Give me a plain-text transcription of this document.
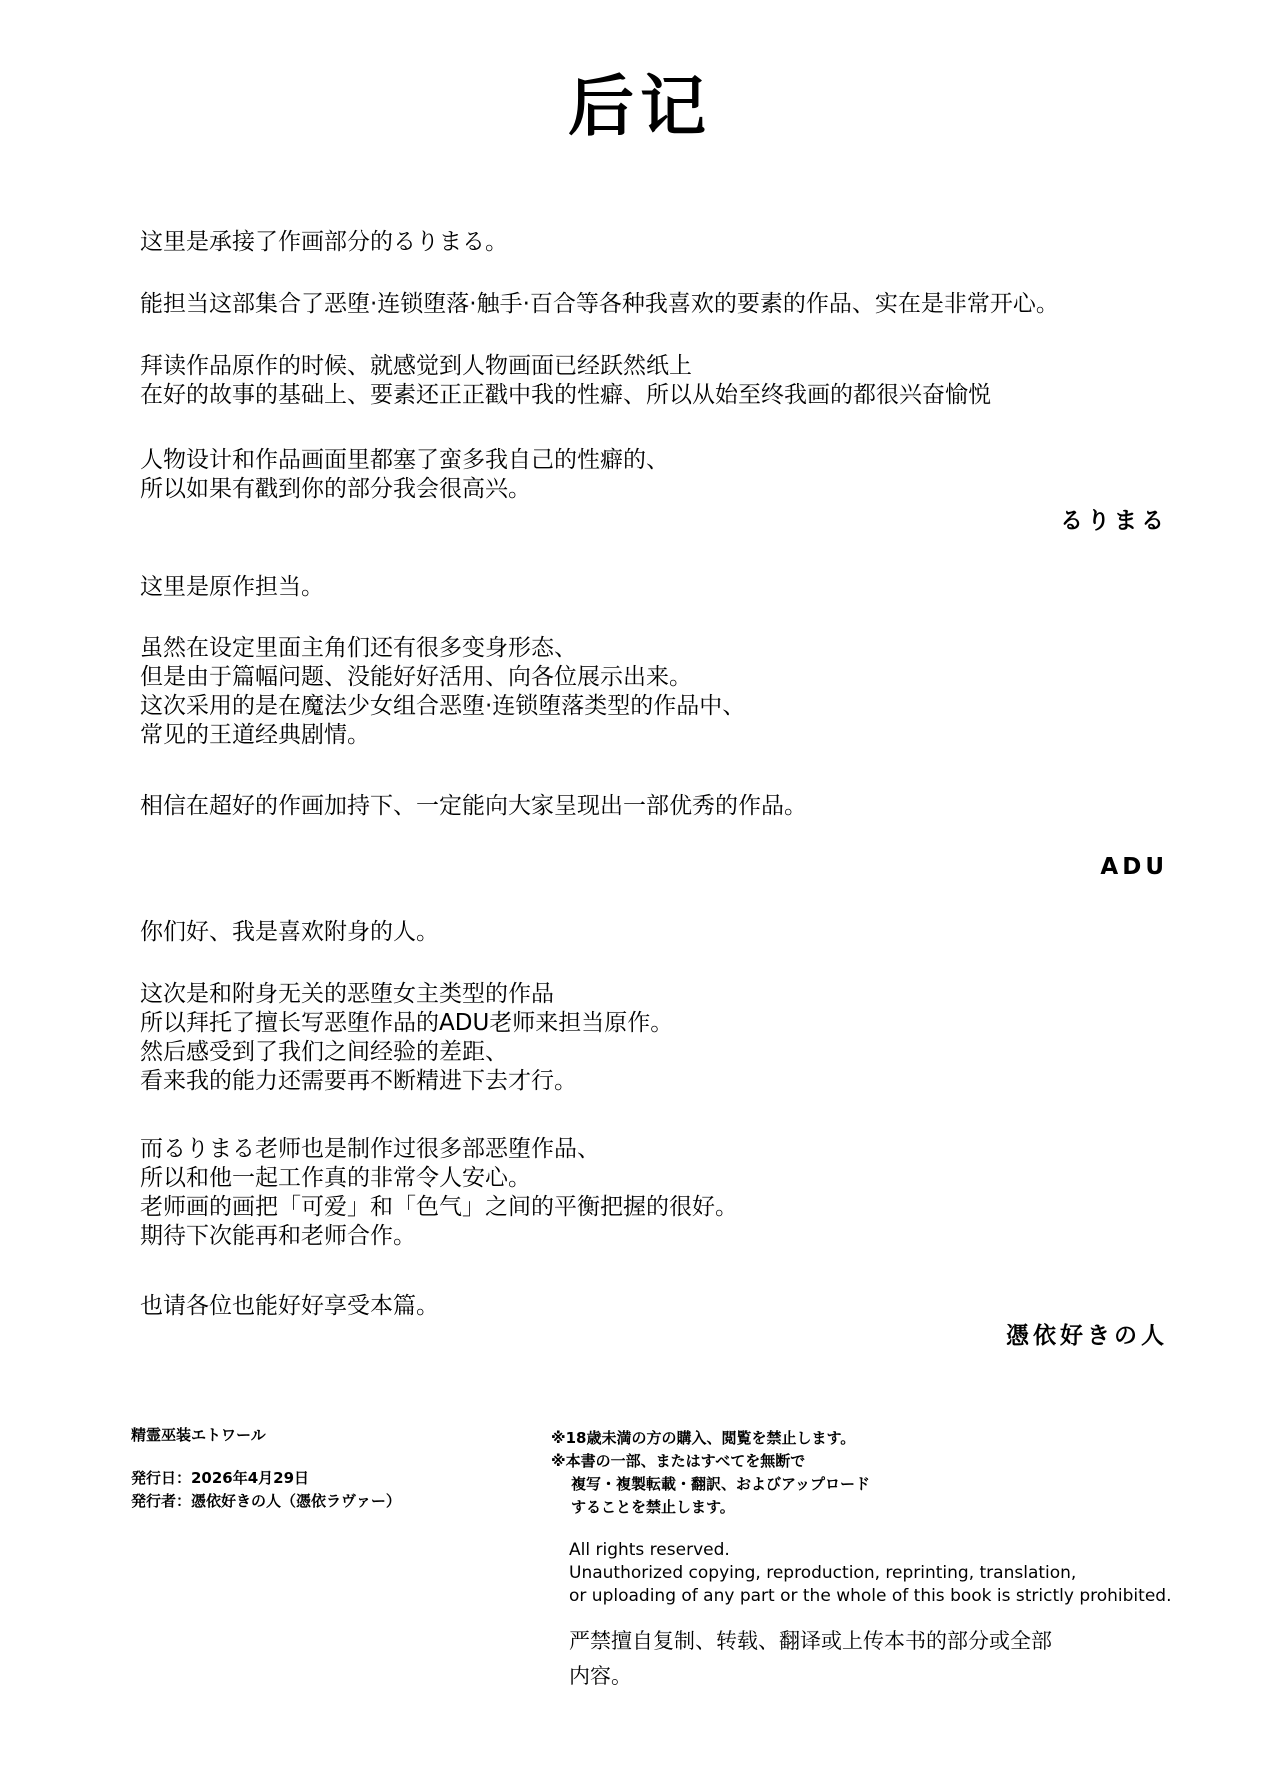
后记
这里是承接了作画部分的るりまる。
能担当这部集合了恶堕·连锁堕落·触手·百合等各种我喜欢的要素的作品、实在是非常开心。
拜读作品原作的时候、就感觉到人物画面已经跃然纸上
在好的故事的基础上、要素还正正戳中我的性癖、所以从始至终我画的都很兴奋愉悦
人物设计和作品画面里都塞了蛮多我自己的性癖的、
所以如果有戳到你的部分我会很高兴。
るりまる
这里是原作担当。
虽然在设定里面主角们还有很多变身形态、
但是由于篇幅问题、没能好好活用、向各位展示出来。
这次采用的是在魔法少女组合恶堕·连锁堕落类型的作品中、
常见的王道经典剧情。
相信在超好的作画加持下、一定能向大家呈现出一部优秀的作品。
ADU
你们好、我是喜欢附身的人。
这次是和附身无关的恶堕女主类型的作品
所以拜托了擅长写恶堕作品的ADU老师来担当原作。
然后感受到了我们之间经验的差距、
看来我的能力还需要再不断精进下去才行。
而るりまる老师也是制作过很多部恶堕作品、
所以和他一起工作真的非常令人安心。
老师画的画把「可爱」和「色气」之间的平衡把握的很好。
期待下次能再和老师合作。
也请各位也能好好享受本篇。
憑依好きの人
精霊巫装エトワール
発行日：2026年4月29日
発行者：憑依好きの人（憑依ラヴァー）
※18歳未満の方の購入、閲覧を禁止します。
※本書の一部、またはすべてを無断で
複写・複製転載・翻訳、およびアップロード
することを禁止します。
All rights reserved.
Unauthorized copying, reproduction, reprinting, translation,
or uploading of any part or the whole of this book is strictly prohibited.
严禁擅自复制、转载、翻译或上传本书的部分或全部
内容。
